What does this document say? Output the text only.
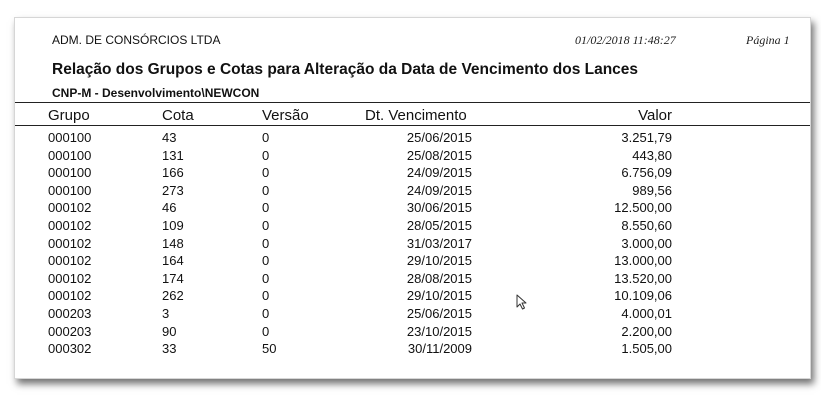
ADM. DE CONSÓRCIOS LTDA	01/02/2018 11:48:27	Página 1
Relação dos Grupos e Cotas para Alteração da Data de Vencimento dos Lances
CNP-M - Desenvolvimento\NEWCON
Grupo	Cota	Versão	Dt. Vencimento	Valor
000100	43	0	25/06/2015	3.251,79
000100	131	0	25/08/2015	443,80
000100	166	0	24/09/2015	6.756,09
000100	273	0	24/09/2015	989,56
000102	46	0	30/06/2015	12.500,00
000102	109	0	28/05/2015	8.550,60
000102	148	0	31/03/2017	3.000,00
000102	164	0	29/10/2015	13.000,00
000102	174	0	28/08/2015	13.520,00
000102	262	0	29/10/2015	10.109,06
000203	3	0	25/06/2015	4.000,01
000203	90	0	23/10/2015	2.200,00
000302	33	50	30/11/2009	1.505,00
